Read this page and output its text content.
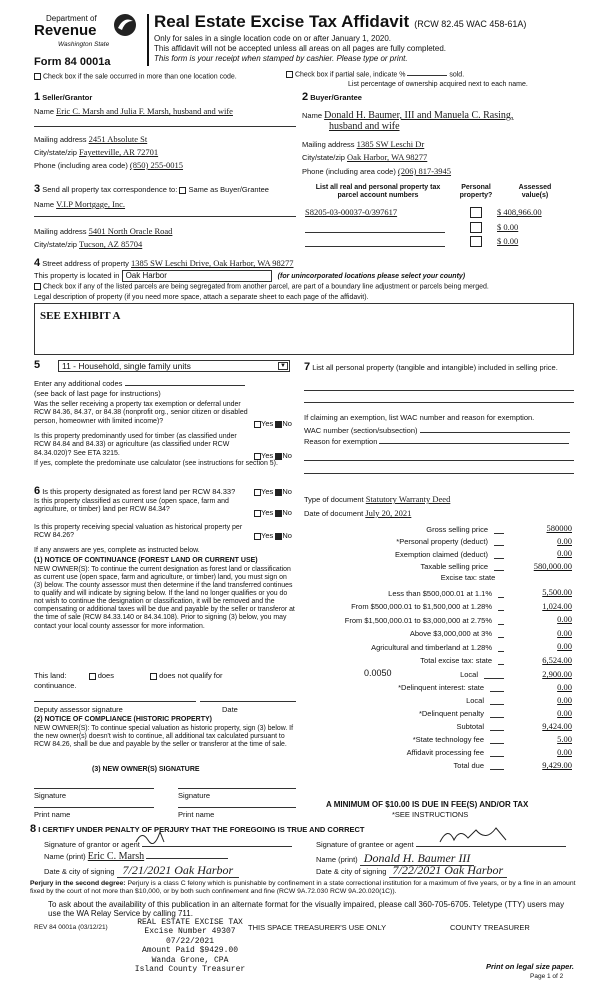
Department of
Revenue
Washington State
Form 84 0001a
Real Estate Excise Tax Affidavit (RCW 82.45 WAC 458-61A)
Only for sales in a single location code on or after January 1, 2020.
This affidavit will not be accepted unless all areas on all pages are fully completed.
This form is your receipt when stamped by cashier. Please type or print.
Check box if the sale occurred in more than one location code.	Check box if partial sale, indicate %	sold.
List percentage of ownership acquired next to each name.
1 Seller/Grantor
Name Eric C. Marsh and Julia F. Marsh, husband and wife
Mailing address 2451 Absolute St
City/state/zip Fayetteville, AR 72701
Phone (including area code) (850) 255-0015
2 Buyer/Grantee
Name Donald H. Baumer, III and Manuela C. Rasing,
husband and wife
Mailing address 1385 SW Leschi Dr
City/state/zip Oak Harbor, WA 98277
Phone (including area code) (206) 817-3945
3 Send all property tax correspondence to: Same as Buyer/Grantee
Name V.I.P Mortgage, Inc.
Mailing address 5401 North Oracle Road
City/state/zip Tucson, AZ 85704
List all real and personal property tax parcel account numbers
Personal property?
Assessed value(s)
S8205-03-00037-0/397617	$ 408,966.00
$ 0.00
$ 0.00
4 Street address of property 1385 SW Leschi Drive, Oak Harbor, WA 98277
This property is located in Oak Harbor	(for unincorporated locations please select your county)
Check box if any of the listed parcels are being segregated from another parcel, are part of a boundary line adjustment or parcels being merged.
Legal description of property (if you need more space, attach a separate sheet to each page of the affidavit).
SEE EXHIBIT A
5	11 - Household, single family units	▼
Enter any additional codes
(see back of last page for instructions)
Was the seller receiving a property tax exemption or deferral under RCW 84.36, 84.37, or 84.38 (nonprofit org., senior citizen or disabled person, homeowner with limited income)?	Yes No
Is this property predominantly used for timber (as classified under RCW 84.84 and 84.33) or agriculture (as classified under RCW 84.34.020)? See ETA 3215.	Yes No
If yes, complete the predominate use calculator (see instructions for section 5).
6 Is this property designated as forest land per RCW 84.33?	Yes No
Is this property classified as current use (open space, farm and agriculture, or timber) land per RCW 84.34?	Yes No
Is this property receiving special valuation as historical property per RCW 84.26?	Yes No
If any answers are yes, complete as instructed below.
(1) NOTICE OF CONTINUANCE (FOREST LAND OR CURRENT USE)
NEW OWNER(S): To continue the current designation as forest land or classification as current use (open space, farm and agriculture, or timber) land, you must sign on (3) below. The county assessor must then determine if the land transferred continues to qualify and will indicate by signing below. If the land no longer qualifies or you do not wish to continue the designation or classification, it will be removed and the compensating or additional taxes will be due and payable by the seller or transferor at the time of sale (RCW 84.33.140 or 84.34.108). Prior to signing (3) below, you may contact your local county assessor for more information.
This land:	does	does not qualify for
continuance.
Deputy assessor signature	Date
(2) NOTICE OF COMPLIANCE (HISTORIC PROPERTY)
NEW OWNER(S): To continue special valuation as historic property, sign (3) below. If the new owner(s) doesn't wish to continue, all additional tax calculated pursuant to RCW 84.26, shall be due and payable by the seller or transferor at the time of sale.
(3) NEW OWNER(S) SIGNATURE
Signature	Signature
Print name	Print name
7 List all personal property (tangible and intangible) included in selling price.
If claiming an exemption, list WAC number and reason for exemption.
WAC number (section/subsection)
Reason for exemption
Type of document Statutory Warranty Deed
Date of document July 20, 2021
Gross selling price	580000
*Personal property (deduct)	0.00
Exemption claimed (deduct)	0.00
Taxable selling price	580,000.00
Excise tax: state
Less than $500,000.01 at 1.1%	5,500.00
From $500,000.01 to $1,500,000 at 1.28%	1,024.00
From $1,500,000.01 to $3,000,000 at 2.75%	0.00
Above $3,000,000 at 3%	0.00
Agricultural and timberland at 1.28%	0.00
Total excise tax: state	6,524.00
0.0050	Local	2,900.00
*Delinquent interest: state	0.00
Local	0.00
*Delinquent penalty	0.00
Subtotal	9,424.00
*State technology fee	5.00
Affidavit processing fee	0.00
Total due	9,429.00
A MINIMUM OF $10.00 IS DUE IN FEE(S) AND/OR TAX
*SEE INSTRUCTIONS
8 I CERTIFY UNDER PENALTY OF PERJURY THAT THE FOREGOING IS TRUE AND CORRECT
Signature of grantor or agent
Name (print) Eric C. Marsh
Date & city of signing 7/21/2021 Oak Harbor
Signature of grantee or agent
Name (print) Donald H. Baumer III
Date & city of signing 7/22/2021 Oak Harbor
Perjury in the second degree: Perjury is a class C felony which is punishable by confinement in a state correctional institution for a maximum of five years, or by a fine in an amount fixed by the court of not more than $10,000, or by both such confinement and fine (RCW 9A.72.030 RCW 9A.20.020(1C)).
To ask about the availability of this publication in an alternate format for the visually impaired, please call 360-705-6705. Teletype (TTY) users may use the WA Relay Service by calling 711.
REV 84 0001a (03/12/21)
REAL ESTATE EXCISE TAX
Excise Number 49307
07/22/2021
Amount Paid $9429.00
Wanda Grone, CPA
Island County Treasurer
THIS SPACE TREASURER'S USE ONLY	COUNTY TREASURER
Print on legal size paper.
Page 1 of 2
